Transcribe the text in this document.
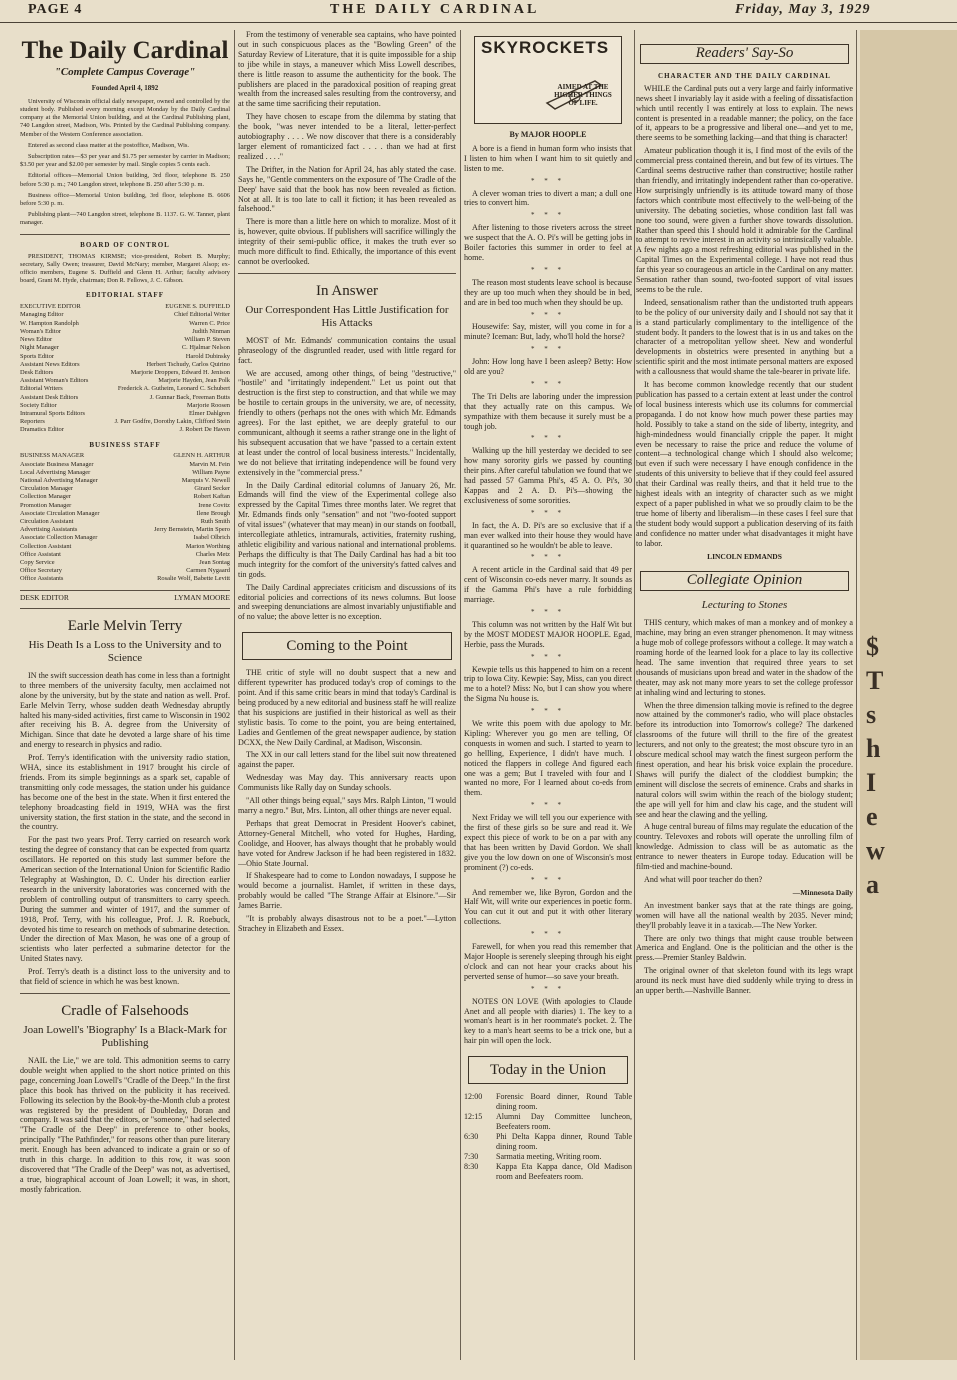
PAGE 4	THE DAILY CARDINAL	Friday, May 3, 1929
The Daily Cardinal
"Complete Campus Coverage"
Founded April 4, 1892

University of Wisconsin official daily newspaper, owned and controlled by the student body. Published every morning except Monday by the Daily Cardinal company at the Memorial Union building, and at the Cardinal Publishing plant, 740 Langdon street, Madison, Wis. Printed by the Cardinal Publishing company. Member of the Western Conference association.

Entered as second class matter at the postoffice, Madison, Wis.

Subscription rates—$3 per year and $1.75 per semester by carrier in Madison; $3.50 per year and $2.00 per semester by mail. Single copies 5 cents each.

Editorial offices—Memorial Union building, 3rd floor, telephone B. 250 before 5:30 p. m.; 740 Langdon street, telephone B. 250 after 5:30 p. m.

Business office—Memorial Union building, 3rd floor, telephone B. 6606 before 5:30 p. m.

Publishing plant—740 Langdon street, telephone B. 1137. G. W. Tanner, plant manager.

BOARD OF CONTROL

PRESIDENT, THOMAS KIRMSE; vice-president, Robert B. Murphy; secretary, Sally Owen; treasurer, David McNary; member, Margaret Alsop; ex-officio members, Eugene S. Duffield and Glenn H. Arthur; faculty advisory board, Grant M. Hyde, chairman; Don R. Fellows, J. C. Gibson.

EDITORIAL STAFF
EXECUTIVE EDITOR	EUGENE S. DUFFIELD
Managing Editor	Chief Editorial Writer
W. Hampton Randolph	Warren C. Price
Woman's Editor	Judith Ninman
News Editor	William P. Steven
Night Manager	C. Hjalmar Nelson
Sports Editor	Harold Dubinsky
Assistant News Editors	Herbert Tschudy, Carlos Quirino
Desk Editors	Marjorie Droppers, Edward H. Jenison
Assistant Woman's Editors	Marjorie Hayden, Jean Polk
Editorial Writers	Frederick A. Gutheim, Leonard C. Schubert
Assistant Desk Editors	J. Gunnar Back, Freeman Butts
Society Editor	Marjorie Roosen
Intramural Sports Editors	Elmer Dahlgren
Reporters	J. Parr Godfre, Dorothy Lakin, Clifford Stein
Dramatics Editor	J. Robert De Haven
BUSINESS STAFF
BUSINESS MANAGER	GLENN H. ARTHUR
Associate Business Manager	Marvin M. Fein
Local Advertising Manager	William Payne
National Advertising Manager	Marquis V. Newell
Circulation Manager	Girard Secker
Collection Manager	Robert Kaftan
Promotion Manager	Irene Covitz
Associate Circulation Manager	Ilene Brough
Circulation Assistant	Ruth Smith
Advertising Assistants	Jerry Bernstein, Martin Spero
Associate Collection Manager	Isabel Olbrich
Collection Assistant	Marion Worthing
Office Assistant	Charles Metz
Copy Service	Jean Sontag
Office Secretary	Carmen Nygaard
Office Assistants	Rosalie Wolf, Babette Levitt
DESK EDITOR	LYMAN MOORE
Earle Melvin Terry
His Death Is a Loss to the University and to Science

IN the swift succession death has come in less than a fortnight to three members of the university faculty, men acclaimed not alone by the university, but by the state and nation as well. Prof. Earle Melvin Terry, whose sudden death Wednesday abruptly halted his many-sided activities, first came to Wisconsin in 1902 after receiving his B. A. degree from the University of Michigan. Since that date he devoted a large share of his time and energy to research in physics and radio.

Prof. Terry's identification with the university radio station, WHA, since its establishment in 1917 brought his circle of friends. From its simple beginnings as a spark set, capable of transmitting only code messages, the station under his guidance has become one of the best in the state. When it first entered the telephony broadcasting field in 1919, WHA was the first university station, the first station in the state, and the second in the country.

For the past two years Prof. Terry carried on research work testing the degree of constancy that can be expected from quartz oscillators. He reported on this study last summer before the American section of the International Union for Scientific Radio Telegraphy at Washington, D. C. Under his direction earlier research in the university laboratories was concerned with the problem of controlling output of transmitters to carry speech. During the summer and winter of 1917, and the summer of 1918, Prof. Terry, with his colleague, Prof. J. R. Roebuck, devoted his time to research on methods of submarine detection. Under the direction of Max Mason, he was one of a group of scientists who later perfected a submarine detector for the United States navy.

Prof. Terry's death is a distinct loss to the university and to that field of science in which he was best known.

Cradle of Falsehoods
Joan Lowell's 'Biography' Is a Black-Mark for Publishing

NAIL the Lie," we are told. This admonition seems to carry double weight when applied to the short notice printed on this page, concerning Joan Lowell's "Cradle of the Deep." In the first place this book has thrived on the publicity it has received. Following its selection by the Book-by-the-Month club a protest was registered by the president of Doubleday, Doran and company. It was said that the editors, or "someone," had selected "The Cradle of the Deep" in preference to other books, principally "The Pathfinder," for reasons other than pure literary merit. Enough has been advanced to indicate a grain or so of truth in this charge. In addition to this row, it was soon discovered that "The Cradle of the Deep" was not, as advertised, a true, biographical account of Joan Lowell; it was, in short, mostly fabrication.

From the testimony of venerable sea captains, who have pointed out in such conspicuous places as the "Bowling Green" of the Saturday Review of Literature, that it is quite impossible for a ship to jibe while in stays, a maneuver which Miss Lowell describes, there is little reason to assume the authenticity for the book. The publishers are placed in the paradoxical position of reaping great wealth from the increased sales resulting from the controversy, and at the same time sacrificing their reputation.

They have chosen to escape from the dilemma by stating that the book, "was never intended to be a literal, letter-perfect autobiography . . . . We now discover that there is a considerably larger element of romanticized fact . . . . than we had at first realized . . . ."

The Drifter, in the Nation for April 24, has ably stated the case. Says he, "Gentle commenters on the exposure of 'The Cradle of the Deep' have said that the book has now been revealed as fiction. Not at all. It is too late to call it fiction; it has been revealed as falsehood."

There is more than a little here on which to moralize. Most of it is, however, quite obvious. If publishers will sacrifice willingly the integrity of their semi-public office, it makes the truth ever so much more difficult to find. Ethically, the importance of this event cannot be overlooked.

In Answer
Our Correspondent Has Little Justification for His Attacks

MOST of Mr. Edmands' communication contains the usual phraseology of the disgruntled reader, used with little regard for fact.

We are accused, among other things, of being "destructive," "hostile" and "irritatingly independent." Let us point out that destruction is the first step to construction, and that while we may be hostile to certain groups in the university, we are, of necessity, friendly to others (perhaps not the ones with which Mr. Edmands agrees). For the last epithet, we are deeply grateful to our communicant, although it seems a rather strange one in the light of his subsequent accusation that we have "passed to a certain extent at least under the control of local business interests." Incidentally, we do not believe that irritating independence will be found very extensively in the "commercial press."

In the Daily Cardinal editorial columns of January 26, Mr. Edmands will find the view of the Experimental college also expressed by the Capital Times three months later. We regret that Mr. Edmands finds only "sensation" and not "two-footed support of vital issues" (whatever that may mean) in our stands on football, intercollegiate athletics, intramurals, activities, fraternity rushing, athletic eligibility and various national and international problems. Perhaps the difficulty is that The Daily Cardinal has had a bit too much integrity for the comfort of the university's fatted calves and tin gods.

The Daily Cardinal appreciates criticism and discussions of its editorial policies and corrections of its news columns. But loose and sweeping denunciations are almost invariably unjustifiable and of no value; the above letter is no exception.

Coming to the Point

THE critic of style will no doubt suspect that a new and different typewriter has produced today's crop of comings to the point. And if this same critic bears in mind that today's Cardinal is being produced by a new editorial and business staff he will realize that his suspicions are justified in their historical as well as their stylistic basis. To come to the point, you are being entertained, Ladies and Gentlemen of the great newspaper audience, by station DCXX, the New Daily Cardinal, at Madison, Wisconsin.

The XX in our call letters stand for the libel suit now threatened against the paper.

Wednesday was May day. This anniversary reacts upon Communists like Rally day on Sunday schools.

"All other things being equal," says Mrs. Ralph Linton, "I would marry a negro." But, Mrs. Linton, all other things are never equal.

Perhaps that great Democrat in President Hoover's cabinet, Attorney-General Mitchell, who voted for Hughes, Harding, Coolidge, and Hoover, has always thought that he probably would have voted for Andrew Jackson if he had been registered in 1832.—Ohio State Journal.

If Shakespeare had to come to London nowadays, I suppose he would become a journalist. Hamlet, if written in these days, probably would be called "The Strange Affair at Elsinore."—Sir James Barrie.

"It is probably always disastrous not to be a poet."—Lytton Strachey in Elizabeth and Essex.

SKYROCKETS
AIMED AT THE HIGHER THINGS OF LIFE.
By MAJOR HOOPLE

A bore is a fiend in human form who insists that I listen to him when I want him to sit quietly and listen to me.

* * *

A clever woman tries to divert a man; a dull one tries to convert him.

* * *

After listening to those riveters across the street we suspect that the A. O. Pi's will be getting jobs in Boiler factories this summer in order to feel at home.

* * *

The reason most students leave school is because they are up too much when they should be in bed, and are in bed too much when they should be up.

* * *

Housewife: Say, mister, will you come in for a minute? Iceman: But, lady, who'll hold the horse?

* * *

John: How long have I been asleep? Betty: How old are you?

* * *

The Tri Delts are laboring under the impression that they actually rate on this campus. We sympathize with them because it surely must be a tough job.

* * *

Walking up the hill yesterday we decided to see how many sorority girls we passed by counting their pins. After careful tabulation we found that we had passed 57 Gamma Phi's, 45 A. O. Pi's, 30 Kappas and 2 A. D. Pi's—showing the exclusiveness of some sororities.

* * *

In fact, the A. D. Pi's are so exclusive that if a man ever walked into their house they would have it quarantined so he wouldn't be able to leave.

* * *

A recent article in the Cardinal said that 49 per cent of Wisconsin co-eds never marry. It sounds as if the Gamma Phi's have a rule forbidding marriage.

* * *

This column was not written by the Half Wit but by the MOST MODEST MAJOR HOOPLE. Egad, Herbie, pass the Murads.

* * *

Kewpie tells us this happened to him on a recent trip to Iowa City. Kewpie: Say, Miss, can you direct me to a hotel? Miss: No, but I can show you where the Sigma Nu house is.

* * *

We write this poem with due apology to Mr. Kipling: Wherever you go men are telling, Of conquests in women and such. I started to yearn to go hellling, Experience, I didn't have much. I noticed the flappers in college And figured each one was a gem; But I traveled with four and I wanted no more, For I learned about co-eds from them.

* * *

Next Friday we will tell you our experience with the first of these girls so be sure and read it. We expect this piece of work to be on a par with any that has been written by David Gordon. We shall give you the low down on one of Wisconsin's most prominent (?) co-eds.

* * *

And remember we, like Byron, Gordon and the Half Wit, will write our experiences in poetic form. You can cut it out and put it with other literary collections.

* * *

Farewell, for when you read this remember that Major Hoople is serenely sleeping through his eight o'clock and can not hear your cracks about his perverted sense of humor—so save your breath.

* * *

NOTES ON LOVE (With apologies to Claude Anet and all people with diaries) 1. The key to a woman's heart is in her roommate's pocket. 2. The key to a man's heart seems to be a trick one, but a hair pin will open the lock.

Today in the Union
12:00	Forensic Board dinner, Round Table dining room.
12:15	Alumni Day Committee luncheon, Beefeaters room.
6:30	Phi Delta Kappa dinner, Round Table dining room.
7:30	Sarmatia meeting, Writing room.
8:30	Kappa Eta Kappa dance, Old Madison room and Beefeaters room.
Readers' Say-So
CHARACTER AND THE DAILY CARDINAL

WHILE the Cardinal puts out a very large and fairly informative news sheet I invariably lay it aside with a feeling of dissatisfaction which until recently I was entirely at loss to explain. The news content is presented in a readable manner; the policy, on the face of it, appears to be a progressive and liberal one—and yet to me, there seems to be something lacking—and that thing is character!

Amateur publication though it is, I find most of the evils of the commercial press contained therein, and but few of its virtues. The Cardinal seems destructive rather than constructive; hostile rather than friendly, and irritatingly independent rather than co-operative. How surprisingly unfriendly is its attitude toward many of those factors which contribute most effectively to the well-being of the university. The debating societies, whose condition last fall was none too sound, were given a further shove towards dissolution. Rather than speed this I should hold it admirable for the Cardinal to attempt to revive interest in an activity so intrinsically valuable. A few nights ago a most refreshing editorial was published in the Capital Times on the Experimental college. I have not read thus far this year so courageous an article in the Cardinal on any matter. Sensation rather than sound, two-footed support of vital issues seems to be the rule.

Indeed, sensationalism rather than the undistorted truth appears to be the policy of our university daily and I should not say that it is a stand particularly complimentary to the intelligence of the student body. It panders to the lowest that is in us and takes on the character of a metropolitan yellow sheet. New and wonderful developments in obstetrics were presented in anything but a scientific spirit and the most intimate personal matters are exposed with a callousness that would shame the tale-bearer in private life.

It has become common knowledge recently that our student publication has passed to a certain extent at least under the control of local business interests which use its columns for commercial propaganda. I do not know how much power these parties may hold. Possibly to take a stand on the side of liberty, integrity, and high-mindedness would financially cripple the paper. It might even be necessary to raise the price and reduce the volume of content—a technological change which I should also welcome; but even if such were necessary I have enough confidence in the students of this university to believe that if they could feel assured that their Cardinal was really theirs, and that it held true to the highest ideals with an integrity of character such as we might expect of a paper published in what we so proudly claim to be the true home of liberty and liberalism—in these cases I feel sure that the student body would support a publication deserving of its faith and confidence no matter under what disadvantages it might have to labor.

LINCOLN EDMANDS
Collegiate Opinion
Lecturing to Stones

THIS century, which makes of man a monkey and of monkey a machine, may bring an even stranger phenomenon. It may witness a huge mob of college professors without a college. It may watch a roaming horde of the learned look for a place to lay its collective head. The same invention that required three years to set thousands of musicians upon bread and water in the shadow of the theater, may ask not many more years to set the college professor at inhaling wind and lecturing to stones.

When the three dimension talking movie is refined to the degree now attained by the commoner's radio, who will place obstacles before its introduction into Tomorrow's college? The darkened classrooms of the future will thrill to the fire of the greatest lecturers, and not only to the greatest; the most obscure tyro in an obscure medical school may watch the finest surgeon perform the finest operation, and hear his brisk voice explain the procedure. Shaws will purify the dialect of the cloddiest bumpkin; the eminent will disclose the secrets of eminence. Crabs and sharks in natural colors will swim within the reach of the biology student; the ape will yell for him and claw his cage, and the student will see and hear the clawing and the yelling.

A huge central bureau of films may regulate the education of the country. Televoxes and robots will operate the unrolling film of knowledge. Admission to class will be as automatic as the entrance to newer theaters in Europe today. Education will be film-tied and machine-bound.

And what will poor teacher do then?

—Minnesota Daily

An investment banker says that at the rate things are going, women will have all the national wealth by 2035. Never mind; they'll probably leave it in a taxicab.—The New Yorker.

There are only two things that might cause trouble between America and England. One is the politician and the other is the press.—Premier Stanley Baldwin.

The original owner of that skeleton found with its legs wrapt around its neck must have died suddenly while trying to dress in an upper berth.—Nashville Banner.

$
T
s
h
I
e
w
a
